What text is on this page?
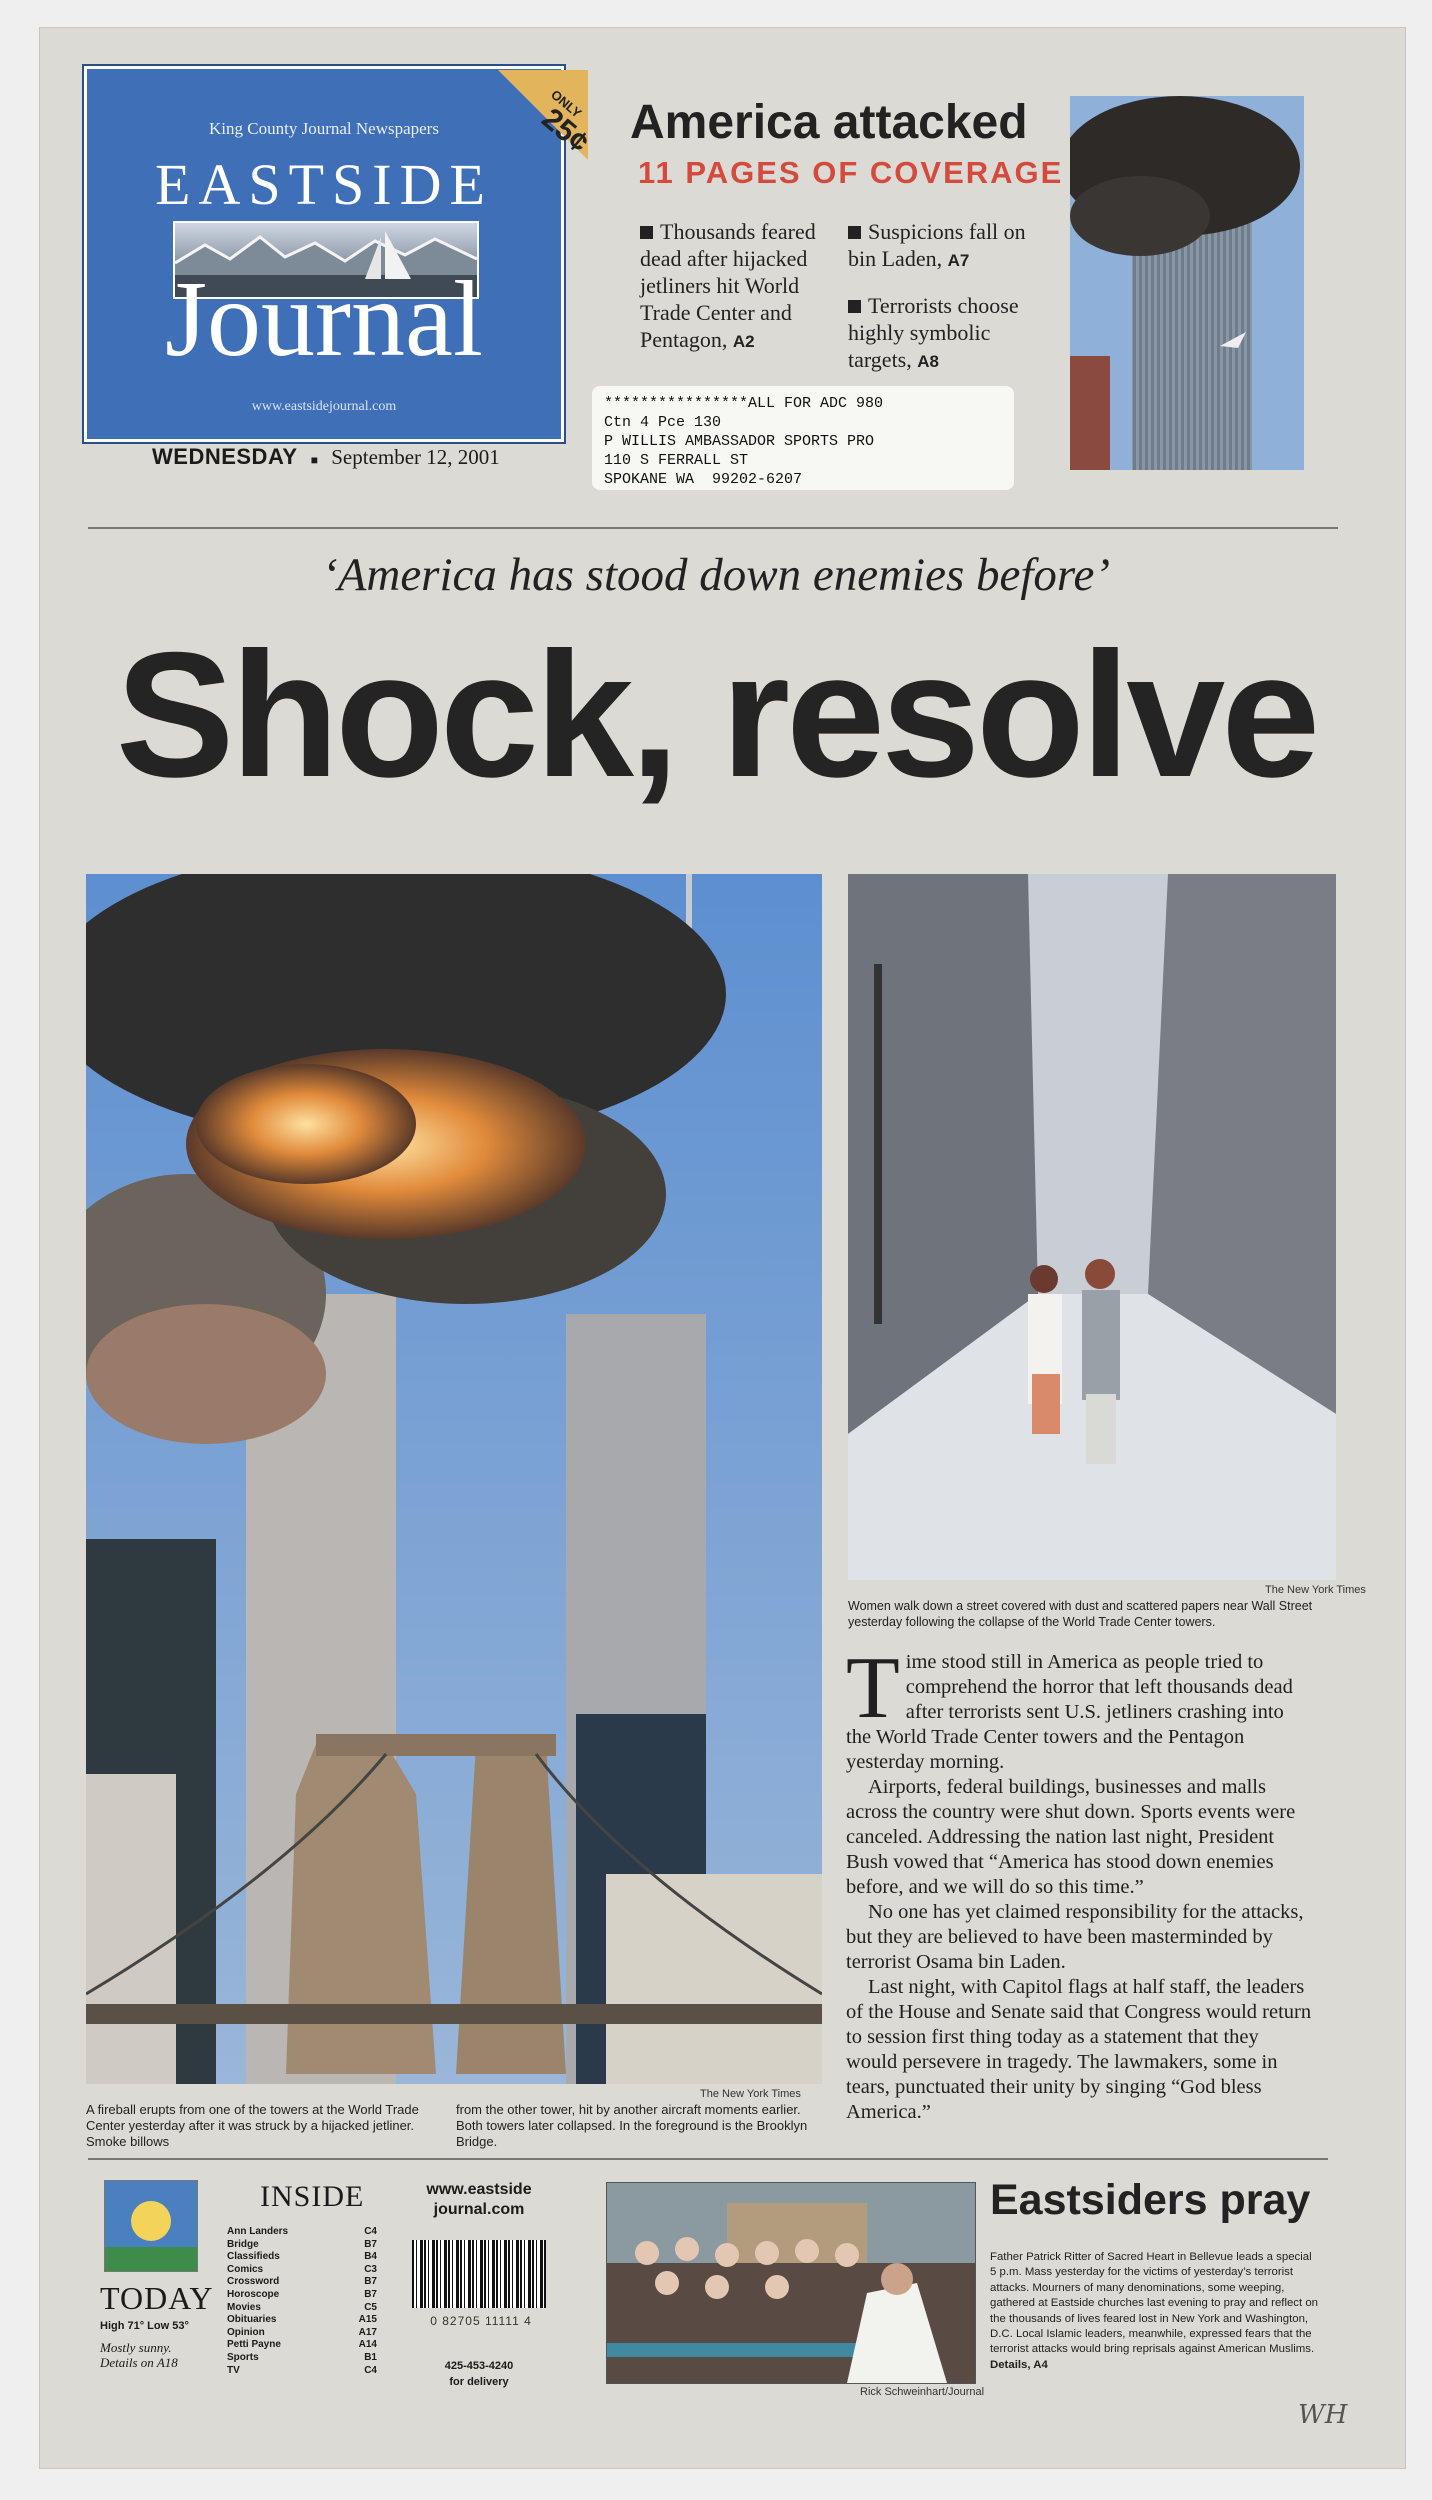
King County Journal Newspapers
EASTSIDE
Journal
www.eastsidejournal.com
ONLY
25¢
WEDNESDAY ■ September 12, 2001
America attacked
11 PAGES OF COVERAGE
Thousands feared dead after hijacked jetliners hit World Trade Center and Pentagon, A2
Suspicions fall on bin Laden, A7
Terrorists choose highly symbolic targets, A8
****************ALL FOR ADC 980
Ctn 4 Pce 130
P WILLIS AMBASSADOR SPORTS PRO
110 S FERRALL ST
SPOKANE WA  99202-6207
‘America has stood down enemies before’
Shock, resolve
The New York Times
A fireball erupts from one of the towers at the World Trade Center yesterday after it was struck by a hijacked jetliner. Smoke billows
from the other tower, hit by another aircraft moments earlier. Both towers later collapsed. In the foreground is the Brooklyn Bridge.
The New York Times
Women walk down a street covered with dust and scattered papers near Wall Street yesterday following the collapse of the World Trade Center towers.
T ime stood still in America as people tried to comprehend the horror that left thousands dead after terrorists sent U.S. jetliners crashing into the World Trade Center towers and the Pentagon yesterday morning.

Airports, federal buildings, businesses and malls across the country were shut down. Sports events were canceled. Addressing the nation last night, President Bush vowed that “America has stood down enemies before, and we will do so this time.”

No one has yet claimed responsibility for the attacks, but they are believed to have been masterminded by terrorist Osama bin Laden.

Last night, with Capitol flags at half staff, the leaders of the House and Senate said that Congress would return to session first thing today as a statement that they would persevere in tragedy. The lawmakers, some in tears, punctuated their unity by singing “God bless America.”

TODAY
High 71° Low 53°
Mostly sunny.
Details on A18
INSIDE
Ann Landers	C4
Bridge	B7
Classifieds	B4
Comics	C3
Crossword	B7
Horoscope	B7
Movies	C5
Obituaries	A15
Opinion	A17
Petti Payne	A14
Sports	B1
TV	C4
www.eastside journal.com
0 82705 11111 4
425-453-4240
for delivery
Rick Schweinhart/Journal
Eastsiders pray
Father Patrick Ritter of Sacred Heart in Bellevue leads a special 5 p.m. Mass yesterday for the victims of yesterday’s terrorist attacks. Mourners of many denominations, some weeping, gathered at Eastside churches last evening to pray and reflect on the thousands of lives feared lost in New York and Washington, D.C. Local Islamic leaders, meanwhile, expressed fears that the terrorist attacks would bring reprisals against American Muslims. Details, A4
WH
